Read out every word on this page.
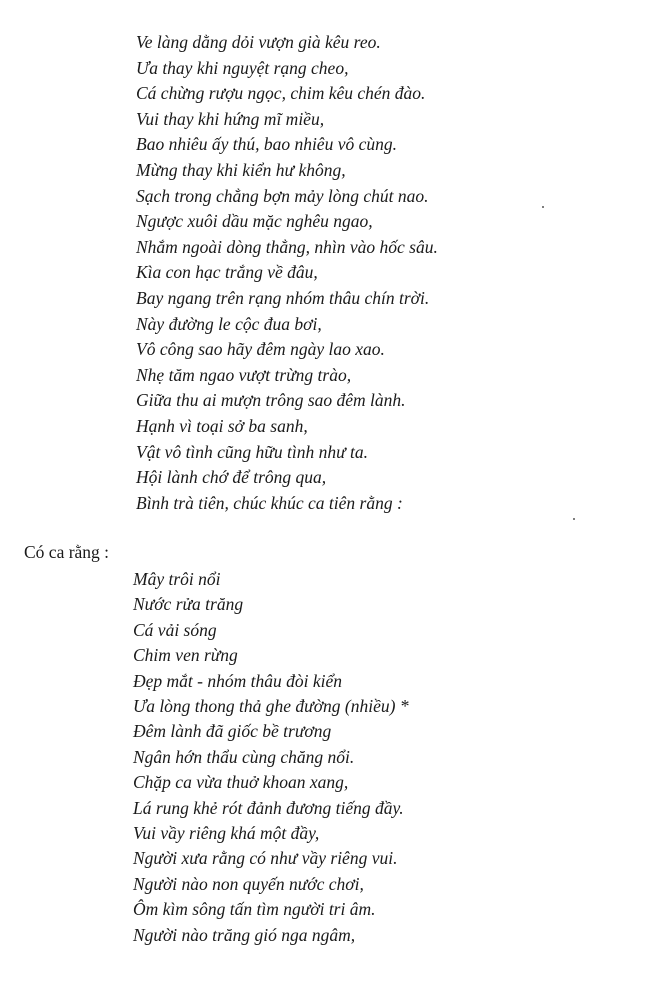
Ve làng dằng dỏi vượn già kêu reo.
Ưa thay khi nguyệt rạng cheo,
Cá chừng rượu ngọc, chim kêu chén đào.
Vui thay khi hứng mĩ miều,
Bao nhiêu ấy thú, bao nhiêu vô cùng.
Mừng thay khi kiển hư không,
Sạch trong chẳng bợn mảy lòng chút nao.
Ngược xuôi dầu mặc nghêu ngao,
Nhắm ngoài dòng thẳng, nhìn vào hốc sâu.
Kìa con hạc trắng về đâu,
Bay ngang trên rạng nhóm thâu chín trời.
Này đường le cộc đua bơi,
Vô công sao hãy đêm ngày lao xao.
Nhẹ tăm ngao vượt trừng trào,
Giữa thu ai mượn trông sao đêm lành.
Hạnh vì toại sở ba sanh,
Vật vô tình cũng hữu tình như ta.
Hội lành chớ để trông qua,
Bình trà tiên, chúc khúc ca tiên rằng :
Có ca rằng :
Mây trôi nổi
Nước rửa trăng
Cá vải sóng
Chim ven rừng
Đẹp mắt - nhóm thâu đòi kiển
Ưa lòng thong thả ghe đường (nhiều) *
Đêm lành đã giốc bề trương
Ngân hớn thẩu cùng chăng nổi.
Chặp ca vừa thuở khoan xang,
Lá rung khẻ rót đảnh đương tiếng đầy.
Vui vầy riêng khá một đầy,
Người xưa rằng có như vầy riêng vui.
Người nào non quyến nước chơi,
Ôm kìm sông tấn tìm người tri âm.
Người nào trăng gió nga ngâm,
